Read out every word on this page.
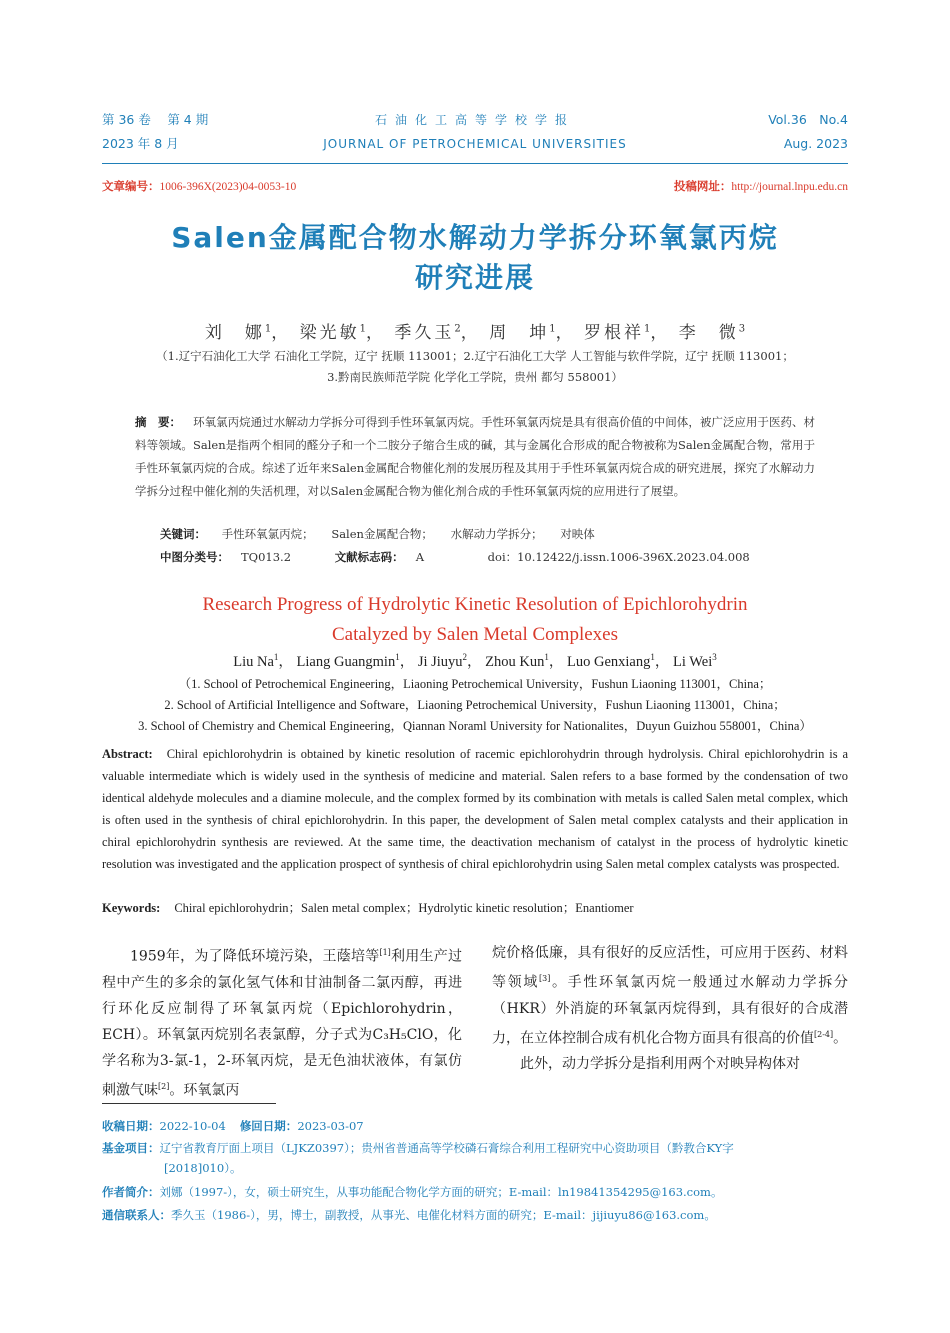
第 36 卷　 第 4 期
2023 年 8 月
石油化工高等学校学报
JOURNAL OF PETROCHEMICAL UNIVERSITIES
Vol.36　No.4
Aug. 2023
文章编号：1006-396X(2023)04-0053-10	投稿网址：http://journal.lnpu.edu.cn
Salen金属配合物水解动力学拆分环氧氯丙烷
研究进展
刘　娜$^1$， 梁光敏$^1$， 季久玉$^2$， 周　坤$^1$， 罗根祥$^1$， 李　微$^3$
（1.辽宁石油化工大学 石油化工学院，辽宁 抚顺 113001；2.辽宁石油化工大学 人工智能与软件学院，辽宁 抚顺 113001；
3.黔南民族师范学院 化学化工学院，贵州 都匀 558001）
摘　要： 环氧氯丙烷通过水解动力学拆分可得到手性环氧氯丙烷。手性环氧氯丙烷是具有很高价值的中间体，被广泛应用于医药、材料等领域。Salen是指两个相同的醛分子和一个二胺分子缩合生成的碱，其与金属化合形成的配合物被称为Salen金属配合物，常用于手性环氧氯丙烷的合成。综述了近年来Salen金属配合物催化剂的发展历程及其用于手性环氧氯丙烷合成的研究进展，探究了水解动力学拆分过程中催化剂的失活机理，对以Salen金属配合物为催化剂合成的手性环氧氯丙烷的应用进行了展望。
关键词： 手性环氧氯丙烷； Salen金属配合物； 水解动力学拆分； 对映体
中图分类号： TQ013.2	文献标志码： A	doi：10.12422/j.issn.1006-396X.2023.04.008
Research Progress of Hydrolytic Kinetic Resolution of Epichlorohydrin
Catalyzed by Salen Metal Complexes
Liu Na$^1$， Liang Guangmin$^1$， Ji Jiuyu$^2$， Zhou Kun$^1$， Luo Genxiang$^1$， Li Wei$^3$
（1. School of Petrochemical Engineering，Liaoning Petrochemical University，Fushun Liaoning 113001，China；
2. School of Artificial Intelligence and Software，Liaoning Petrochemical University，Fushun Liaoning 113001，China；
3. School of Chemistry and Chemical Engineering，Qiannan Noraml University for Nationalites，Duyun Guizhou 558001，China）
Abstract: Chiral epichlorohydrin is obtained by kinetic resolution of racemic epichlorohydrin through hydrolysis. Chiral epichlorohydrin is a valuable intermediate which is widely used in the synthesis of medicine and material. Salen refers to a base formed by the condensation of two identical aldehyde molecules and a diamine molecule, and the complex formed by its combination with metals is called Salen metal complex, which is often used in the synthesis of chiral epichlorohydrin. In this paper, the development of Salen metal complex catalysts and their application in chiral epichlorohydrin synthesis are reviewed. At the same time, the deactivation mechanism of catalyst in the process of hydrolytic kinetic resolution was investigated and the application prospect of synthesis of chiral epichlorohydrin using Salen metal complex catalysts was prospected.
Keywords: Chiral epichlorohydrin；Salen metal complex；Hydrolytic kinetic resolution；Enantiomer

1959年，为了降低环境污染，王蔭培等[1]利用生产过程中产生的多余的氯化氢气体和甘油制备二氯丙醇，再进行环化反应制得了环氧氯丙烷（Epichlorohydrin，ECH）。环氧氯丙烷别名表氯醇，分子式为C₃H₅ClO，化学名称为3-氯-1，2-环氧丙烷，是无色油状液体，有氯仿刺激气味[2]。环氧氯丙

烷价格低廉，具有很好的反应活性，可应用于医药、材料等领域[3]。手性环氧氯丙烷一般通过水解动力学拆分（HKR）外消旋的环氧氯丙烷得到，具有很好的合成潜力，在立体控制合成有机化合物方面具有很高的价值[2-4]。

此外，动力学拆分是指利用两个对映异构体对

收稿日期：2022-10-04 修回日期：2023-03-07
基金项目：辽宁省教育厅面上项目（LJKZ0397）；贵州省普通高等学校磷石膏综合利用工程研究中心资助项目（黔教合KY字
[2018]010）。
作者简介：刘娜（1997-），女，硕士研究生，从事功能配合物化学方面的研究；E-mail：ln19841354295@163.com。
通信联系人：季久玉（1986-），男，博士，副教授，从事光、电催化材料方面的研究；E-mail：jijiuyu86@163.com。
